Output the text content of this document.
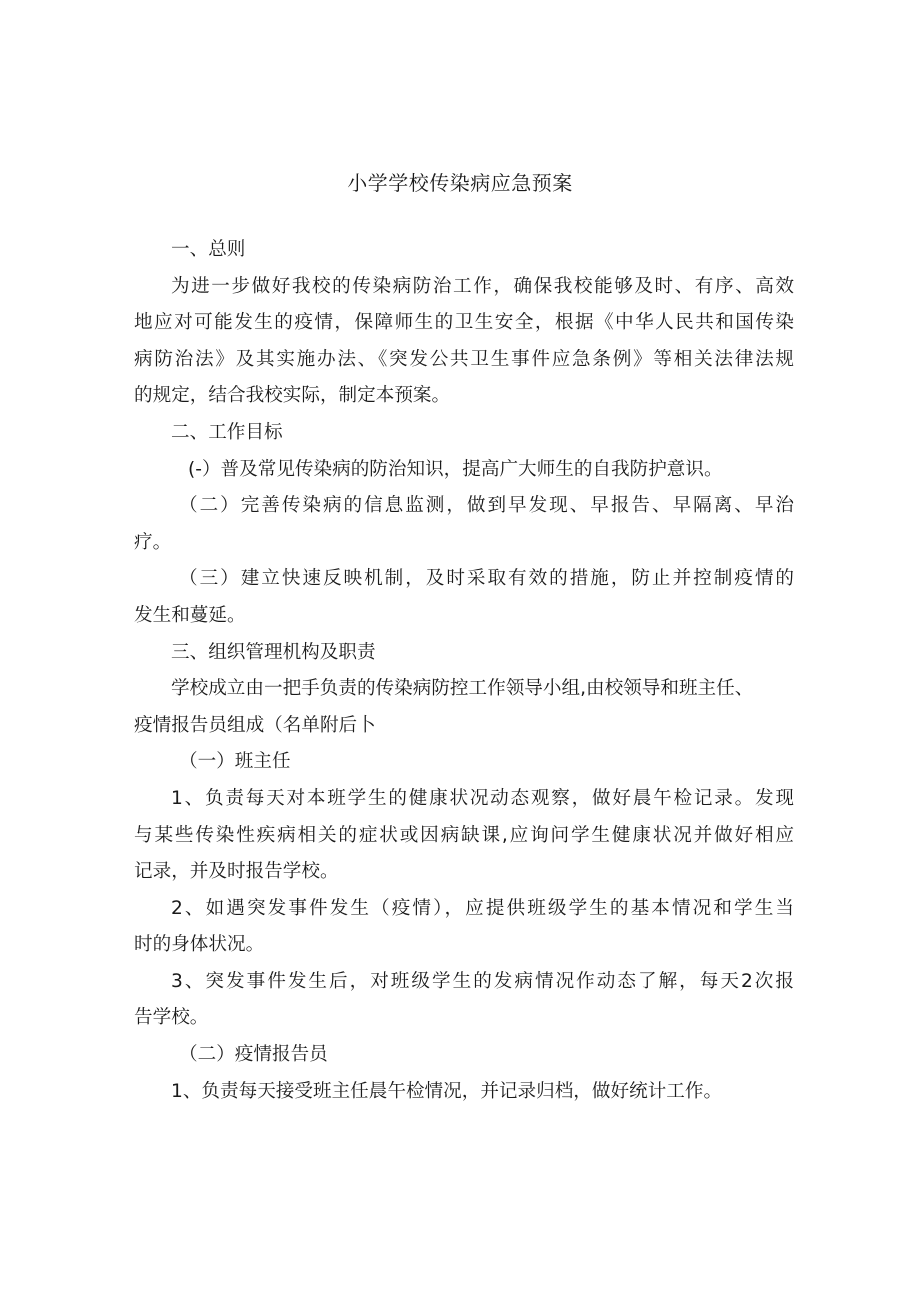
小学学校传染病应急预案
一、总则
为进一步做好我校的传染病防治工作，确保我校能够及时、有序、高效
地应对可能发生的疫情，保障师生的卫生安全，根据《中华人民共和国传染
病防治法》及其实施办法、《突发公共卫生事件应急条例》等相关法律法规
的规定，结合我校实际，制定本预案。
二、工作目标
(-）普及常见传染病的防治知识，提高广大师生的自我防护意识。
（二）完善传染病的信息监测，做到早发现、早报告、早隔离、早治
疗。
（三）建立快速反映机制，及时采取有效的措施，防止并控制疫情的
发生和蔓延。
三、组织管理机构及职责
学校成立由一把手负责的传染病防控工作领导小组,由校领导和班主任、
疫情报告员组成（名单附后卜
（一）班主任
1、负责每天对本班学生的健康状况动态观察，做好晨午检记录。发现
与某些传染性疾病相关的症状或因病缺课,应询问学生健康状况并做好相应
记录，并及时报告学校。
2、如遇突发事件发生（疫情），应提供班级学生的基本情况和学生当
时的身体状况。
3、突发事件发生后，对班级学生的发病情况作动态了解，每天2次报
告学校。
（二）疫情报告员
1、负责每天接受班主任晨午检情况，并记录归档，做好统计工作。
